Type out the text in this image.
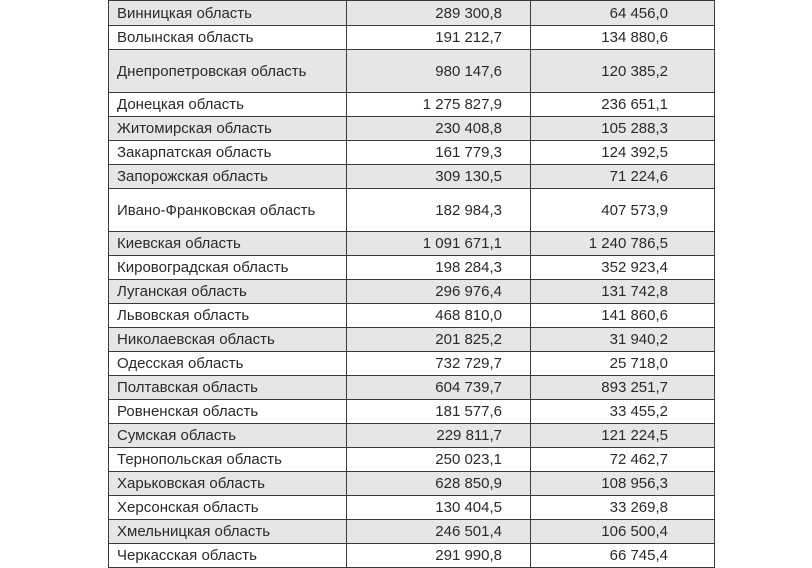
Винницкая область	289 300,8	64 456,0
Волынская область	191 212,7	134 880,6
Днепропетровская область	980 147,6	120 385,2
Донецкая область	1 275 827,9	236 651,1
Житомирская область	230 408,8	105 288,3
Закарпатская область	161 779,3	124 392,5
Запорожская область	309 130,5	71 224,6
Ивано-Франковская область	182 984,3	407 573,9
Киевская область	1 091 671,1	1 240 786,5
Кировоградская область	198 284,3	352 923,4
Луганская область	296 976,4	131 742,8
Львовская область	468 810,0	141 860,6
Николаевская область	201 825,2	31 940,2
Одесская область	732 729,7	25 718,0
Полтавская область	604 739,7	893 251,7
Ровненская область	181 577,6	33 455,2
Сумская область	229 811,7	121 224,5
Тернопольская область	250 023,1	72 462,7
Харьковская область	628 850,9	108 956,3
Херсонская область	130 404,5	33 269,8
Хмельницкая область	246 501,4	106 500,4
Черкасская область	291 990,8	66 745,4
